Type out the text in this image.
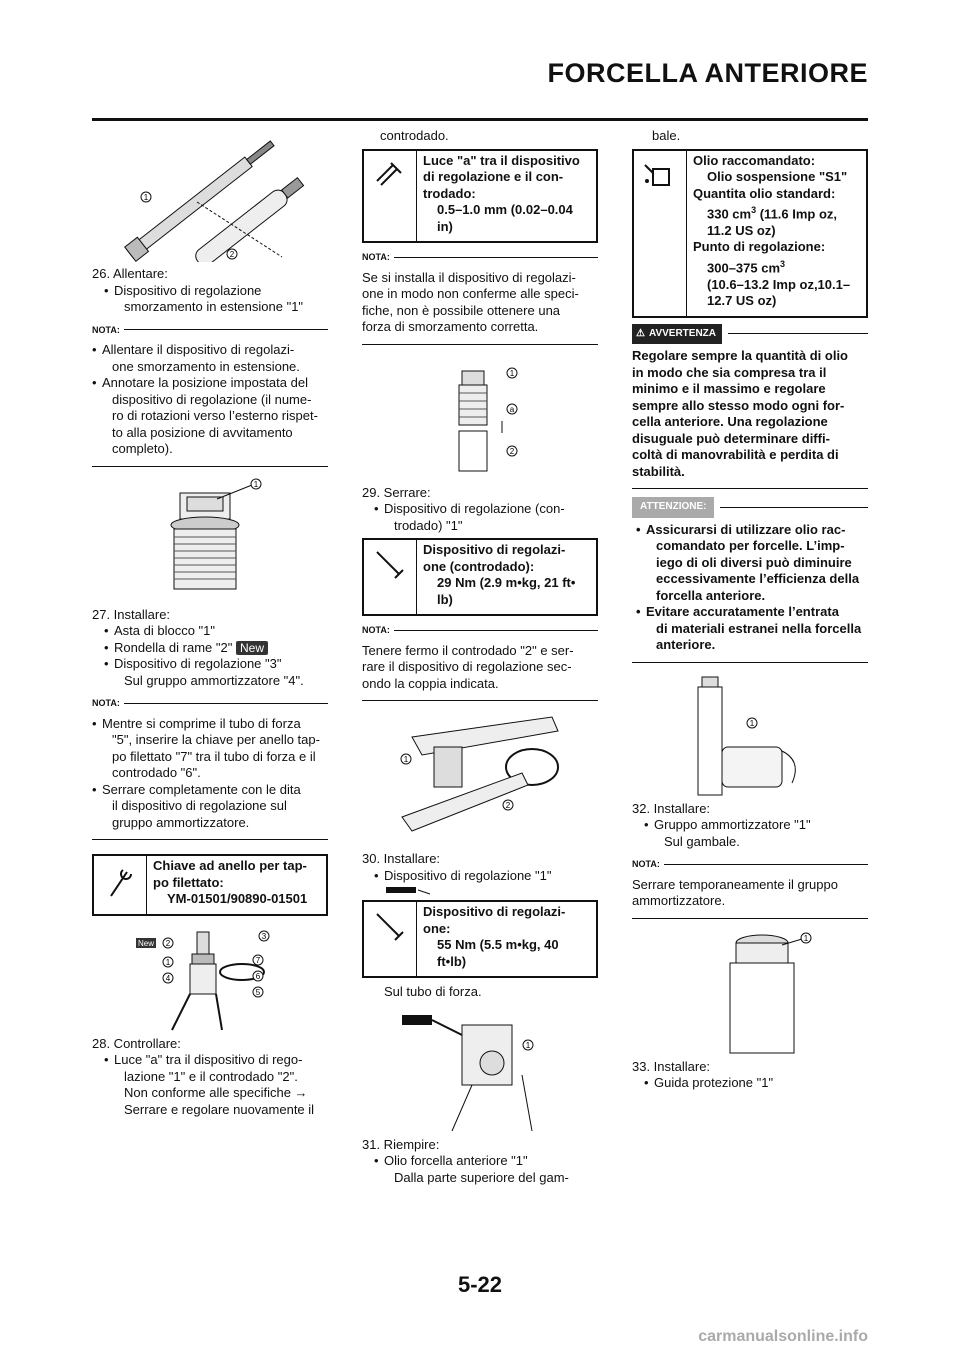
FORCELLA ANTERIORE
1
2

26. Allentare:

• Dispositivo di regolazione
smorzamento in estensione "1"

NOTA:

• Allentare il dispositivo di regolazi-
one smorzamento in estensione.

• Annotare la posizione impostata del
dispositivo di regolazione (il nume-
ro di rotazioni verso l’esterno rispet-
to alla posizione di avvitamento
completo).

1

27. Installare:

• Asta di blocco "1"

• Rondella di rame "2" New

• Dispositivo di regolazione "3"
Sul gruppo ammortizzatore "4".

NOTA:

• Mentre si comprime il tubo di forza
"5", inserire la chiave per anello tap-
po filettato "7" tra il tubo di forza e il
controdado "6".

• Serrare completamente con le dita
il dispositivo di regolazione sul
gruppo ammortizzatore.

Chiave ad anello per tap-
po filettato:

YM-01501/90890-01501
New 2
3
1	7
4	6
5

28. Controllare:

• Luce "a" tra il dispositivo di rego-
lazione "1" e il controdado "2".
Non conforme alle specifiche →
Serrare e regolare nuovamente il

controdado.

Luce "a" tra il dispositivo
di regolazione e il con-
trodado:

0.5–1.0 mm (0.02–0.04
in)
NOTA:
Se si installa il dispositivo di regolazi-
one in modo non conferme alle speci-
fiche, non è possibile ottenere una
forza di smorzamento corretta.
1
a
2

29. Serrare:

• Dispositivo di regolazione (con-
trodado) "1"

Dispositivo di regolazi-
one (controdado):

29 Nm (2.9 m•kg, 21 ft•
lb)
NOTA:
Tenere fermo il controdado "2" e ser-
rare il dispositivo di regolazione sec-
ondo la coppia indicata.
1
2

30. Installare:

• Dispositivo di regolazione "1"

Dispositivo di regolazi-
one:

55 Nm (5.5 m•kg, 40
ft•lb)

Sul tubo di forza.

1

31. Riempire:

• Olio forcella anteriore "1"
Dalla parte superiore del gam-

bale.

Olio raccomandato:

Olio sospensione "S1"
Quantita olio standard:

330 $cm^3$ (11.6 Imp oz,
11.2 US oz)
Punto di regolazione:

300–375 $cm^3$
(10.6–13.2 Imp oz,10.1–
12.7 US oz)
⚠ AVVERTENZA

Regolare sempre la quantità di olio
in modo che sia compresa tra il
minimo e il massimo e regolare
sempre allo stesso modo ogni for-
cella anteriore. Una regolazione
disuguale può determinare diffi-
coltà di manovrabilità e perdita di
stabilità.

ATTENZIONE:

• Assicurarsi di utilizzare olio rac-
comandato per forcelle. L’imp-
iego di oli diversi può diminuire
eccessivamente l’efficienza della
forcella anteriore.

• Evitare accuratamente l’entrata
di materiali estranei nella forcella
anteriore.

1

32. Installare:

• Gruppo ammortizzatore "1"
Sul gambale.

NOTA:
Serrare temporaneamente il gruppo
ammortizzatore.
1

33. Installare:

• Guida protezione "1"

5-22
carmanualsonline.info
